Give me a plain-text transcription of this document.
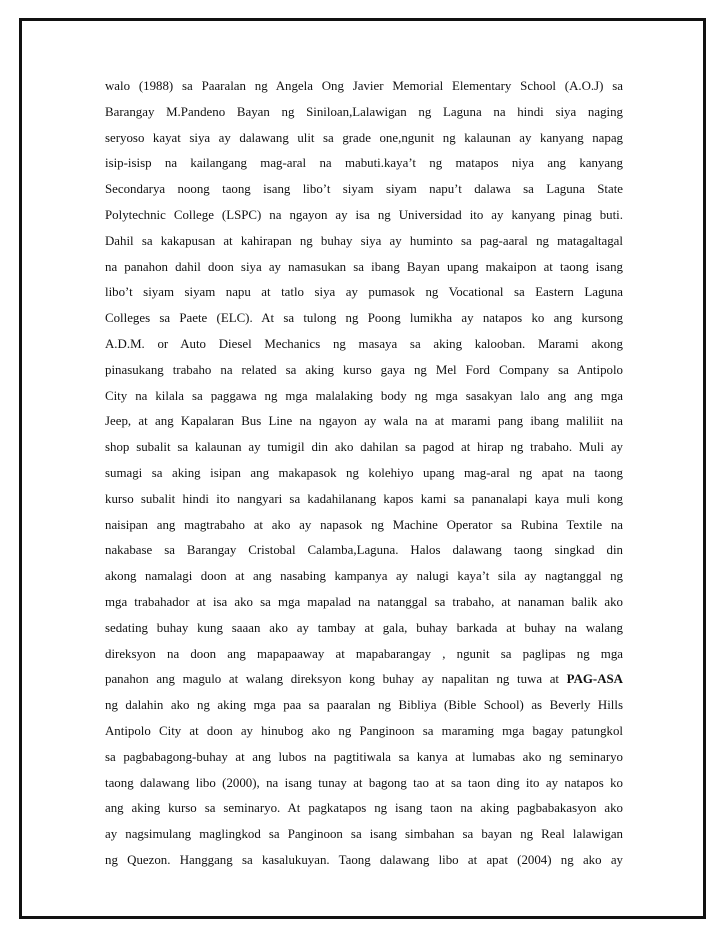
walo (1988) sa Paaralan ng Angela Ong Javier Memorial Elementary School (A.O.J) sa
Barangay M.Pandeno Bayan ng Siniloan,Lalawigan ng Laguna na hindi siya naging
seryoso kayat siya ay dalawang ulit sa grade one,ngunit ng kalaunan ay kanyang napag
isip-isisp na kailangang mag-aral na mabuti.kaya’t ng matapos niya ang kanyang
Secondarya noong taong isang libo’t siyam siyam napu’t dalawa sa Laguna State
Polytechnic College (LSPC) na ngayon ay isa ng Universidad ito ay kanyang pinag buti.
Dahil sa kakapusan at kahirapan ng buhay siya ay huminto sa pag-aaral ng matagaltagal
na panahon dahil doon siya ay namasukan sa ibang Bayan upang makaipon at taong isang
libo’t siyam siyam napu at tatlo siya ay pumasok ng Vocational sa Eastern Laguna
Colleges sa Paete (ELC). At sa tulong ng Poong lumikha ay natapos ko ang kursong
A.D.M. or Auto Diesel Mechanics ng masaya sa aking kalooban. Marami akong
pinasukang trabaho na related sa aking kurso gaya ng Mel Ford Company sa Antipolo
City na kilala sa paggawa ng mga malalaking body ng mga sasakyan lalo ang ang mga
Jeep, at ang Kapalaran Bus Line na ngayon ay wala na at marami pang ibang maliliit na
shop subalit sa kalaunan ay tumigil din ako dahilan sa pagod at hirap ng trabaho. Muli ay
sumagi sa aking isipan ang makapasok ng kolehiyo upang mag-aral ng apat na taong
kurso subalit hindi ito nangyari sa kadahilanang kapos kami sa pananalapi kaya muli kong
naisipan ang magtrabaho at ako ay napasok ng Machine Operator sa Rubina Textile na
nakabase sa Barangay Cristobal Calamba,Laguna. Halos dalawang taong singkad din
akong namalagi doon at ang nasabing kampanya ay nalugi kaya’t sila ay nagtanggal ng
mga trabahador at isa ako sa mga mapalad na natanggal sa trabaho, at nanaman balik ako
sedating buhay kung saaan ako ay tambay at gala, buhay barkada at buhay na walang
direksyon na doon ang mapapaaway at mapabarangay , ngunit sa paglipas ng mga
panahon ang magulo at walang direksyon kong buhay ay napalitan ng tuwa at PAG-ASA
ng dalahin ako ng aking mga paa sa paaralan ng Bibliya (Bible School) as Beverly Hills
Antipolo City at doon ay hinubog ako ng Panginoon sa maraming mga bagay patungkol
sa pagbabagong-buhay at ang lubos na pagtitiwala sa kanya at lumabas ako ng seminaryo
taong dalawang libo (2000), na isang tunay at bagong tao at sa taon ding ito ay natapos ko
ang aking kurso sa seminaryo. At pagkatapos ng isang taon na aking pagbabakasyon ako
ay nagsimulang maglingkod sa Panginoon sa isang simbahan sa bayan ng Real lalawigan
ng Quezon. Hanggang sa kasalukuyan. Taong dalawang libo at apat (2004) ng ako ay
